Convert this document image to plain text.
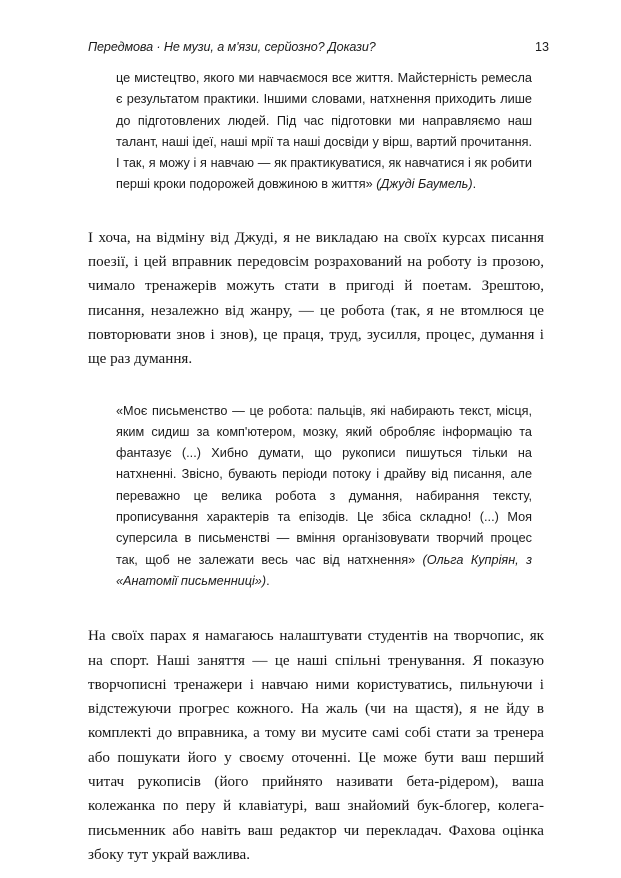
Передмова · Не музи, а м'язи, серйозно? Докази?	13

це мистецтво, якого ми навчаємося все життя. Майстерність ремесла є результатом практики. Іншими словами, натхнення приходить лише до підготовлених людей. Під час підготовки ми направляємо наш талант, наші ідеї, наші мрії та наші досвіди у вірш, вартий прочитання. І так, я можу і я навчаю — як практикуватися, як навчатися і як робити перші кроки подорожей довжиною в життя» (Джуді Баумель).

І хоча, на відміну від Джуді, я не викладаю на своїх курсах писання поезії, і цей вправник передовсім розрахований на роботу із прозою, чимало тренажерів можуть стати в пригоді й поетам. Зрештою, писання, незалежно від жанру, — це робота (так, я не втомлюся це повторювати знов і знов), це праця, труд, зусилля, процес, думання і ще раз думання.

«Моє письменство — це робота: пальців, які набирають текст, місця, яким сидиш за комп'ютером, мозку, який обробляє інформацію та фантазує (...) Хибно думати, що рукописи пишуться тільки на натхненні. Звісно, бувають періоди потоку і драйву від писання, але переважно це велика робота з думання, набирання тексту, прописування характерів та епізодів. Це збіса складно! (...) Моя суперсила в письменстві — вміння організовувати творчий процес так, щоб не залежати весь час від натхнення» (Ольга Купріян, з «Анатомії письменниці»).

На своїх парах я намагаюсь налаштувати студентів на творчопис, як на спорт. Наші заняття — це наші спільні тренування. Я показую творчописні тренажери і навчаю ними користуватись, пильнуючи і відстежуючи прогрес кожного. На жаль (чи на щастя), я не йду в комплекті до вправника, а тому ви мусите самі собі стати за тренера або пошукати його у своєму оточенні. Це може бути ваш перший читач рукописів (його прийнято називати бета-рідером), ваша колежанка по перу й клавіатурі, ваш знайомий бук-блогер, колега-письменник або навіть ваш редактор чи перекладач. Фахова оцінка збоку тут украй важлива.
